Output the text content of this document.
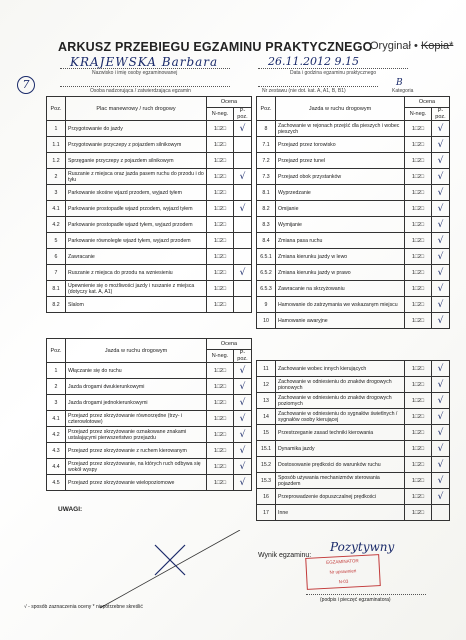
ARKUSZ PRZEBIEGU EGZAMINU PRAKTYCZNEGO
Oryginał • Kopia*
7
KRAJEWSKA Barbara
Nazwisko i imię osoby egzaminowanej
26.11.2012 9.15
Data i godzina egzaminu praktycznego
Osoba nadzorująca / zatwierdzająca egzamin	Nr zestawu (nie dot. kat. A, A1, B, B1)
B
Kategoria
Poz.	Plac manewrowy / ruch drogowy	Ocena	
		N-neg.	P-poz.
1	Przygotowanie do jazdy	1□2□	√
1.1	Przygotowanie przyczepy z pojazdem silnikowym	1□2□	
1.2	Sprzęganie przyczepy z pojazdem silnikowym	1□2□	
2	Ruszanie z miejsca oraz jazda pasem ruchu do przodu i do tyłu	1□2□	√
3	Parkowanie skośne wjazd przodem, wyjazd tyłem	1□2□	
4.1	Parkowanie prostopadłe wjazd przodem, wyjazd tyłem	1□2□	√
4.2	Parkowanie prostopadłe wjazd tyłem, wyjazd przodem	1□2□	
5	Parkowanie równoległe wjazd tyłem, wyjazd przodem	1□2□	
6	Zawracanie	1□2□	
7	Ruszanie z miejsca do przodu na wzniesieniu	1□2□	√
8.1	Upewnienie się o możliwości jazdy i ruszanie z miejsca (dotyczy kat. A, A1)	1□2□	
8.2	Slalom	1□2□	
Poz.	Jazda w ruchu drogowym	Ocena	
		N-neg.	P-poz.
8	Zachowanie w rejonach przejść dla pieszych i wobec pieszych	1□2□	√
7.1	Przejazd przez torowisko	1□2□	√
7.2	Przejazd przez tunel	1□2□	√
7.3	Przejazd obok przystanków	1□2□	√
8.1	Wyprzedzanie	1□2□	√
8.2	Omijanie	1□2□	√
8.3	Wymijanie	1□2□	√
8.4	Zmiana pasa ruchu	1□2□	√
6.5.1	Zmiana kierunku jazdy w lewo	1□2□	√
6.5.2	Zmiana kierunku jazdy w prawo	1□2□	√
6.5.3	Zawracanie na skrzyżowaniu	1□2□	√
9	Hamowanie do zatrzymania we wskazanym miejscu	1□2□	√
10	Hamowanie awaryjne	1□2□	√
Poz.	Jazda w ruchu drogowym	Ocena	
		N-neg.	P-poz.
1	Włączanie się do ruchu	1□2□	√
2	Jazda drogami dwukierunkowymi	1□2□	√
3	Jazda drogami jednokierunkowymi	1□2□	√
4.1	Przejazd przez skrzyżowanie równorzędne (trzy- i czterowlotowe)	1□2□	√
4.2	Przejazd przez skrzyżowanie oznakowane znakami ustalającymi pierwszeństwo przejazdu	1□2□	√
4.3	Przejazd przez skrzyżowanie z ruchem kierowanym	1□2□	√
4.4	Przejazd przez skrzyżowanie, na których ruch odbywa się wokół wyspy	1□2□	√
4.5	Przejazd przez skrzyżowanie wielopoziomowe	1□2□	√
11	Zachowanie wobec innych kierujących	1□2□	√
12	Zachowanie w odniesieniu do znaków drogowych pionowych	1□2□	√
13	Zachowanie w odniesieniu do znaków drogowych poziomych	1□2□	√
14	Zachowanie w odniesieniu do sygnałów świetlnych / sygnałów osoby kierującej	1□2□	√
15	Przestrzeganie zasad techniki kierowania	1□2□	√
15.1	Dynamika jazdy	1□2□	√
15.2	Dostosowanie prędkości do warunków ruchu	1□2□	√
15.3	Sposób używania mechanizmów sterowania pojazdem	1□2□	√
16	Przeprowadzenie dopuszczalnej prędkości	1□2□	√
17	Inne	1□2□	
UWAGI:
Wynik egzaminu:
Pozytywny
EGZAMINATOR
Nr uprawnień
N-03
(podpis i pieczęć egzaminatora)
√ - sposób zaznaczenia oceny * niepotrzebne skreślić
